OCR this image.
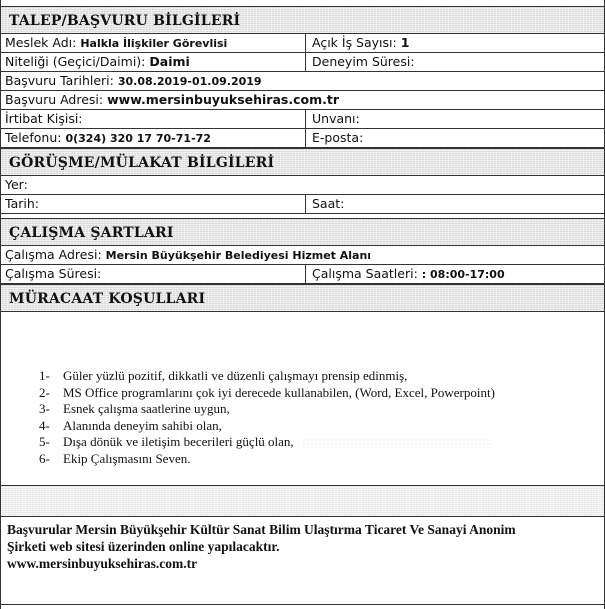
TALEP/BAŞVURU BİLGİLERİ
Meslek Adı: Halkla İlişkiler Görevlisi	Açık İş Sayısı: 1
Niteliği (Geçici/Daimi): Daimi	Deneyim Süresi:
Başvuru Tarihleri: 30.08.2019-01.09.2019
Başvuru Adresi: www.mersinbuyuksehiras.com.tr
İrtibat Kişisi:	Unvanı:
Telefonu: 0(324) 320 17 70-71-72	E-posta:
GÖRÜŞME/MÜLAKAT BİLGİLERİ
Yer:
Tarih:	Saat:
ÇALIŞMA ŞARTLARI
Çalışma Adresi: Mersin Büyükşehir Belediyesi Hizmet Alanı
Çalışma Süresi:	Çalışma Saatleri: : 08:00-17:00
MÜRACAAT KOŞULLARI
1- Güler yüzlü pozitif, dikkatli ve düzenli çalışmayı prensip edinmiş,
2- MS Office programlarını çok iyi derecede kullanabilen, (Word, Excel, Powerpoint)
3- Esnek çalışma saatlerine uygun,
4- Alanında deneyim sahibi olan,
5- Dışa dönük ve iletişim becerileri güçlü olan,
6- Ekip Çalışmasını Seven.
Başvurular Mersin Büyükşehir Kültür Sanat Bilim Ulaştırma Ticaret Ve Sanayi Anonim
Şirketi web sitesi üzerinden online yapılacaktır.
www.mersinbuyuksehiras.com.tr
